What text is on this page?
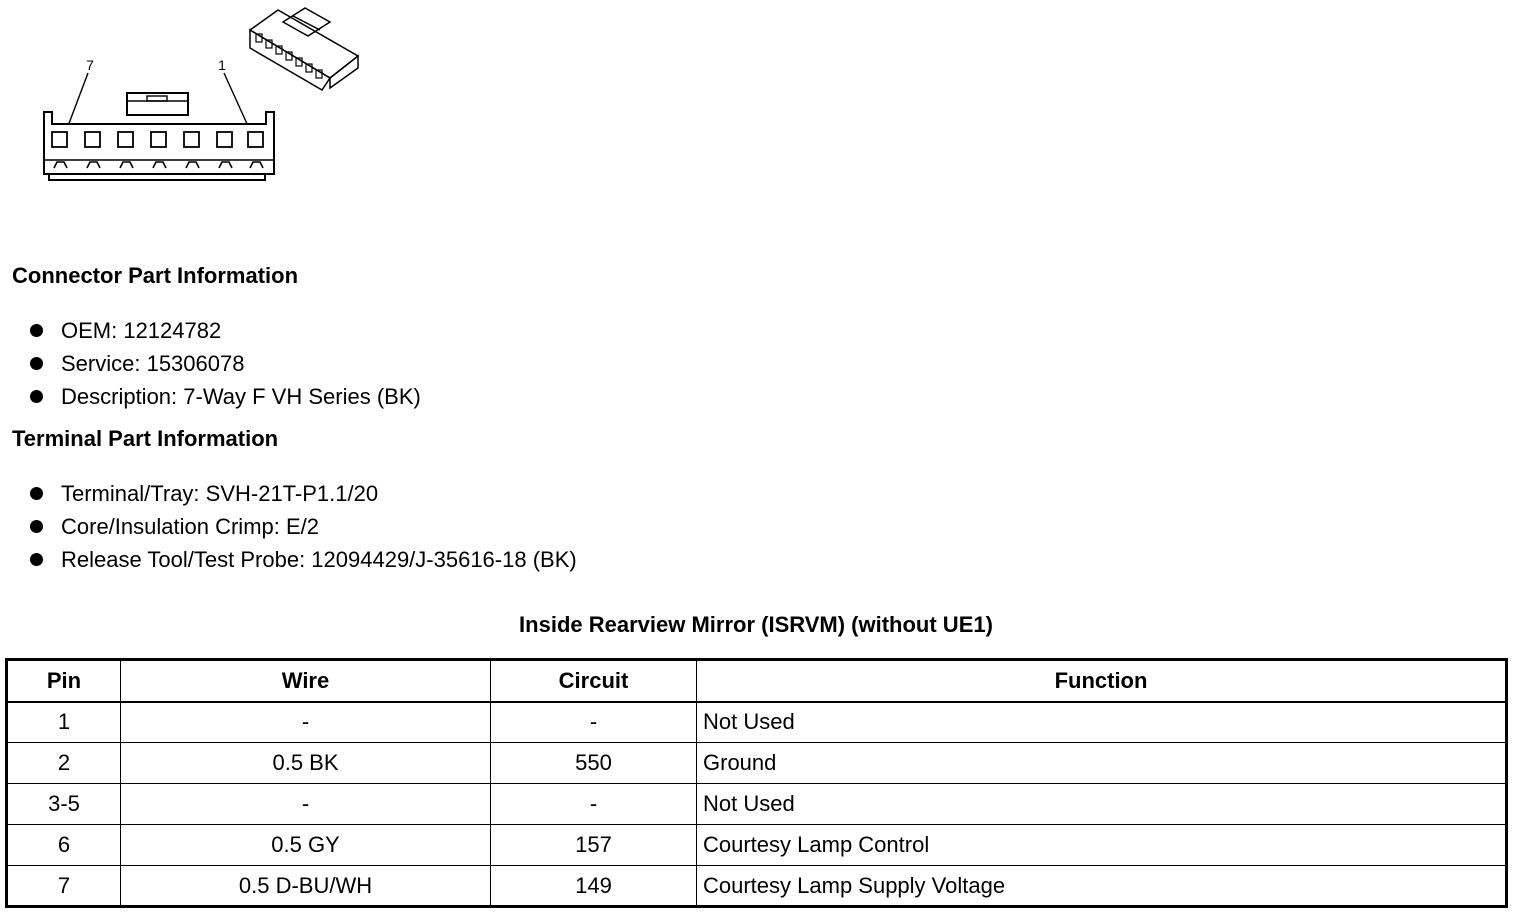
7	1
Connector Part Information
OEM: 12124782
Service: 15306078
Description: 7-Way F VH Series (BK)
Terminal Part Information
Terminal/Tray: SVH-21T-P1.1/20
Core/Insulation Crimp: E/2
Release Tool/Test Probe: 12094429/J-35616-18 (BK)
Inside Rearview Mirror (ISRVM) (without UE1)
Pin	Wire	Circuit	Function
1	-	-	Not Used
2	0.5 BK	550	Ground
3-5	-	-	Not Used
6	0.5 GY	157	Courtesy Lamp Control
7	0.5 D-BU/WH	149	Courtesy Lamp Supply Voltage
